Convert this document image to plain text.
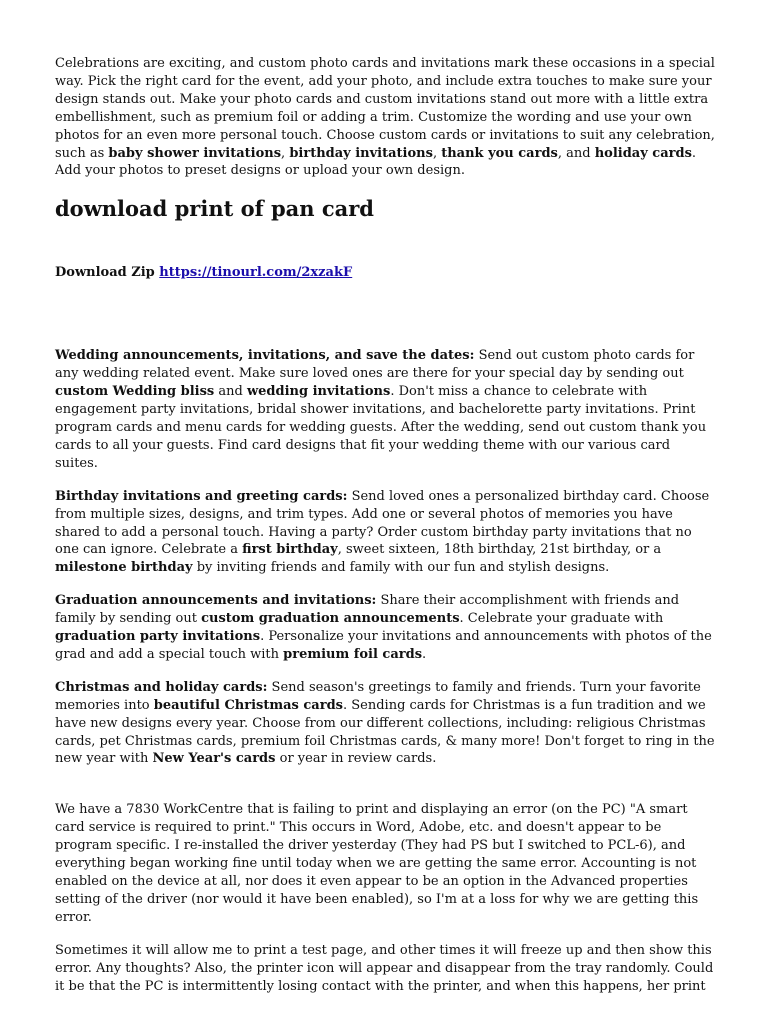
Celebrations are exciting, and custom photo cards and invitations mark these occasions in a special way. Pick the right card for the event, add your photo, and include extra touches to make sure your design stands out. Make your photo cards and custom invitations stand out more with a little extra embellishment, such as premium foil or adding a trim. Customize the wording and use your own photos for an even more personal touch. Choose custom cards or invitations to suit any celebration, such as baby shower invitations, birthday invitations, thank you cards, and holiday cards. Add your photos to preset designs or upload your own design.

download print of pan card
Download Zip https://tinourl.com/2xzakF

Wedding announcements, invitations, and save the dates: Send out custom photo cards for any wedding related event. Make sure loved ones are there for your special day by sending out custom Wedding bliss and wedding invitations. Don't miss a chance to celebrate with engagement party invitations, bridal shower invitations, and bachelorette party invitations. Print program cards and menu cards for wedding guests. After the wedding, send out custom thank you cards to all your guests. Find card designs that fit your wedding theme with our various card suites.

Birthday invitations and greeting cards: Send loved ones a personalized birthday card. Choose from multiple sizes, designs, and trim types. Add one or several photos of memories you have shared to add a personal touch. Having a party? Order custom birthday party invitations that no one can ignore. Celebrate a first birthday, sweet sixteen, 18th birthday, 21st birthday, or a milestone birthday by inviting friends and family with our fun and stylish designs.

Graduation announcements and invitations: Share their accomplishment with friends and family by sending out custom graduation announcements. Celebrate your graduate with graduation party invitations. Personalize your invitations and announcements with photos of the grad and add a special touch with premium foil cards.

Christmas and holiday cards: Send season's greetings to family and friends. Turn your favorite memories into beautiful Christmas cards. Sending cards for Christmas is a fun tradition and we have new designs every year. Choose from our different collections, including: religious Christmas cards, pet Christmas cards, premium foil Christmas cards, & many more! Don't forget to ring in the new year with New Year's cards or year in review cards.

We have a 7830 WorkCentre that is failing to print and displaying an error (on the PC) "A smart card service is required to print." This occurs in Word, Adobe, etc. and doesn't appear to be program specific. I re-installed the driver yesterday (They had PS but I switched to PCL-6), and everything began working fine until today when we are getting the same error. Accounting is not enabled on the device at all, nor does it even appear to be an option in the Advanced properties setting of the driver (nor would it have been enabled), so I'm at a loss for why we are getting this error.

Sometimes it will allow me to print a test page, and other times it will freeze up and then show this error. Any thoughts? Also, the printer icon will appear and disappear from the tray randomly. Could it be that the PC is intermittently losing contact with the printer, and when this happens, her print
